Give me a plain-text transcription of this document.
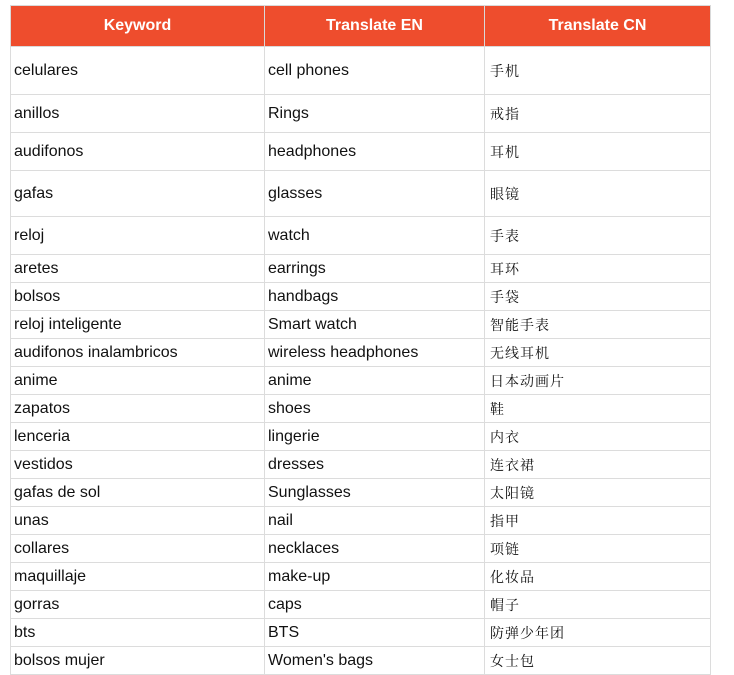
Keyword	Translate EN	Translate CN
celulares	cell phones	手机
anillos	Rings	戒指
audifonos	headphones	耳机
gafas	glasses	眼镜
reloj	watch	手表
aretes	earrings	耳环
bolsos	handbags	手袋
reloj inteligente	Smart watch	智能手表
audifonos inalambricos	wireless headphones	无线耳机
anime	anime	日本动画片
zapatos	shoes	鞋
lenceria	lingerie	内衣
vestidos	dresses	连衣裙
gafas de sol	Sunglasses	太阳镜
unas	nail	指甲
collares	necklaces	项链
maquillaje	make-up	化妆品
gorras	caps	帽子
bts	BTS	防弹少年团
bolsos mujer	Women's bags	女士包
